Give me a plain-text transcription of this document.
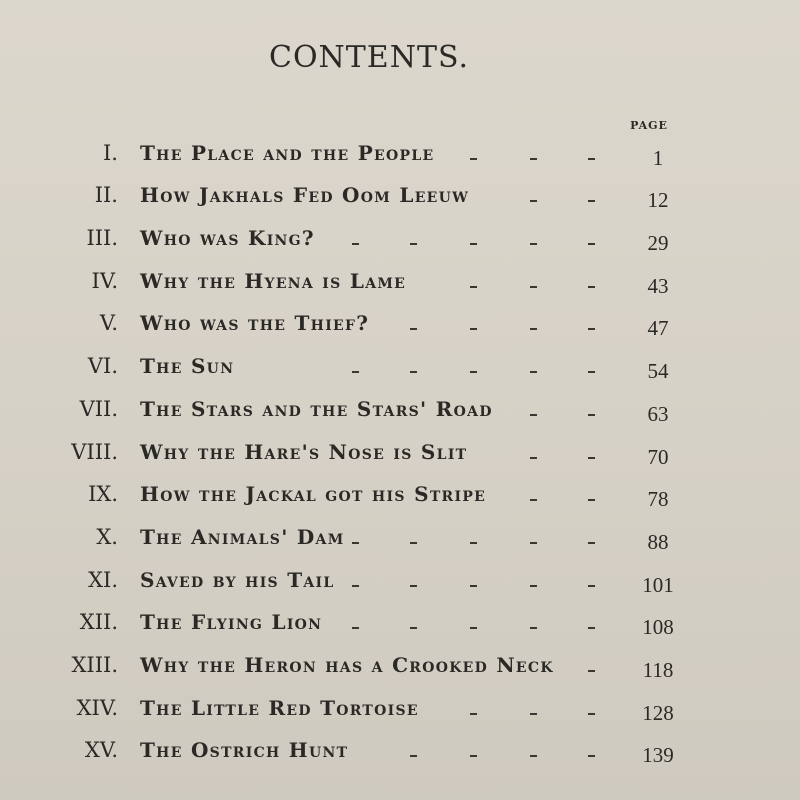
CONTENTS.
PAGE
I. The Place and the People	1
II. How Jakhals Fed Oom Leeuw	12
III. Who was King?	29
IV. Why the Hyena is Lame	43
V. Who was the Thief?	47
VI. The Sun	54
VII. The Stars and the Stars' Road	63
VIII. Why the Hare's Nose is Slit	70
IX. How the Jackal got his Stripe	78
X. The Animals' Dam	88
XI. Saved by his Tail	101
XII. The Flying Lion	108
XIII. Why the Heron has a Crooked Neck	118
XIV. The Little Red Tortoise	128
XV. The Ostrich Hunt	139
